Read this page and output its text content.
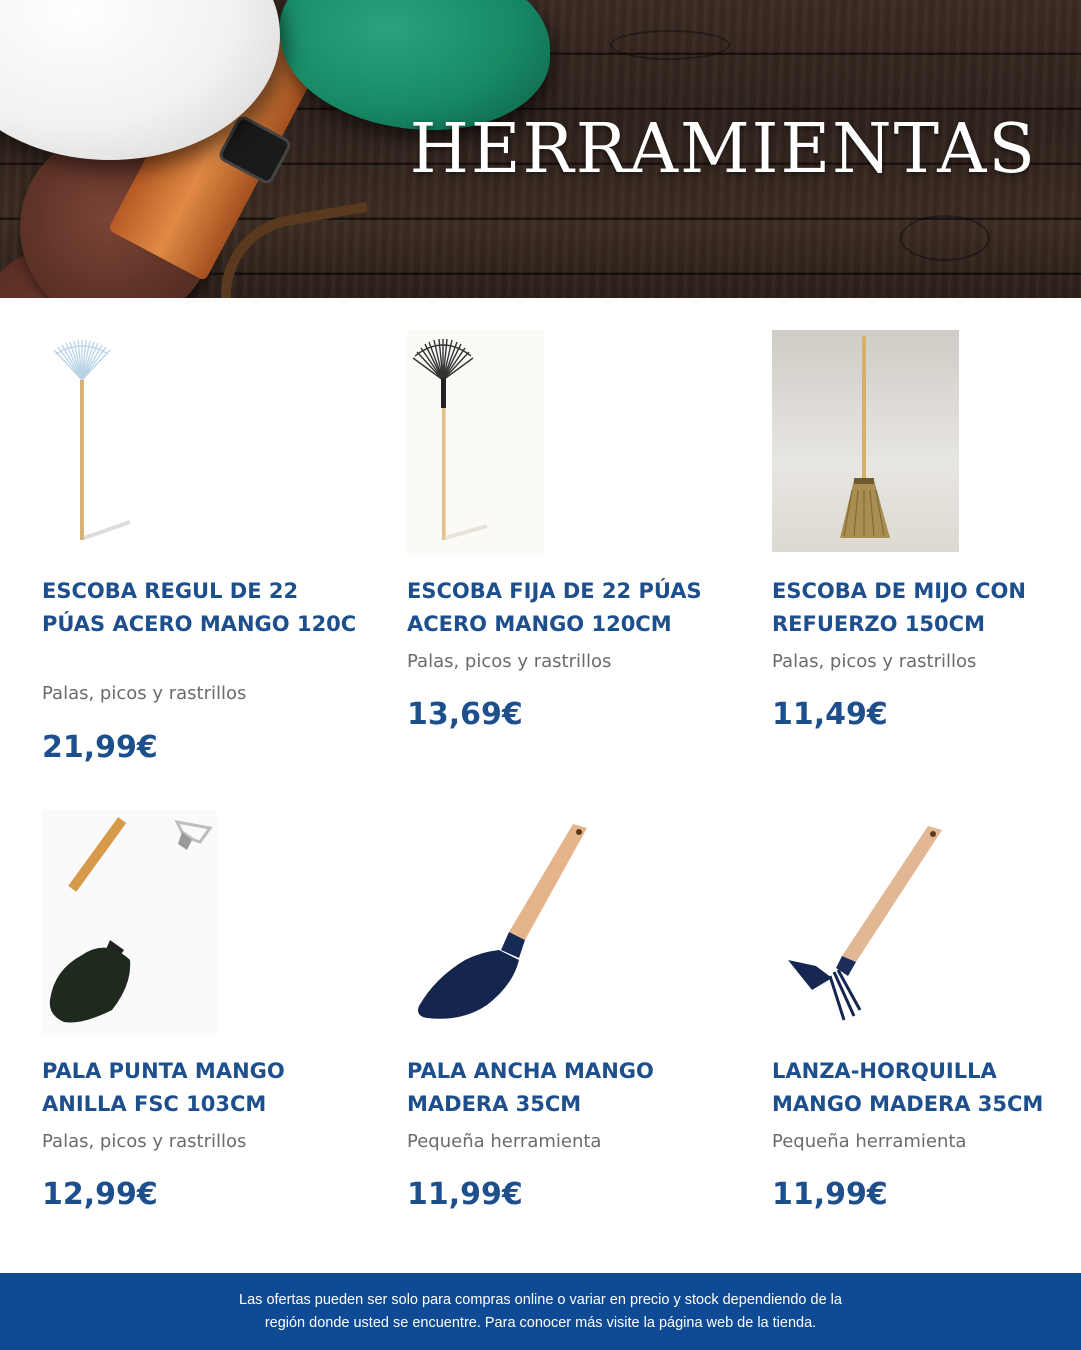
HERRAMIENTAS
ESCOBA REGUL DE 22 PÚAS ACERO MANGO 120C
Palas, picos y rastrillos
21,99€
ESCOBA FIJA DE 22 PÚAS ACERO MANGO 120CM
Palas, picos y rastrillos
13,69€
ESCOBA DE MIJO CON REFUERZO 150CM
Palas, picos y rastrillos
11,49€
PALA PUNTA MANGO ANILLA FSC 103CM
Palas, picos y rastrillos
12,99€
PALA ANCHA MANGO MADERA 35CM
Pequeña herramienta
11,99€
LANZA-HORQUILLA MANGO MADERA 35CM
Pequeña herramienta
11,99€

Las ofertas pueden ser solo para compras online o variar en precio y stock dependiendo de la región donde usted se encuentre. Para conocer más visite la página web de la tienda.
